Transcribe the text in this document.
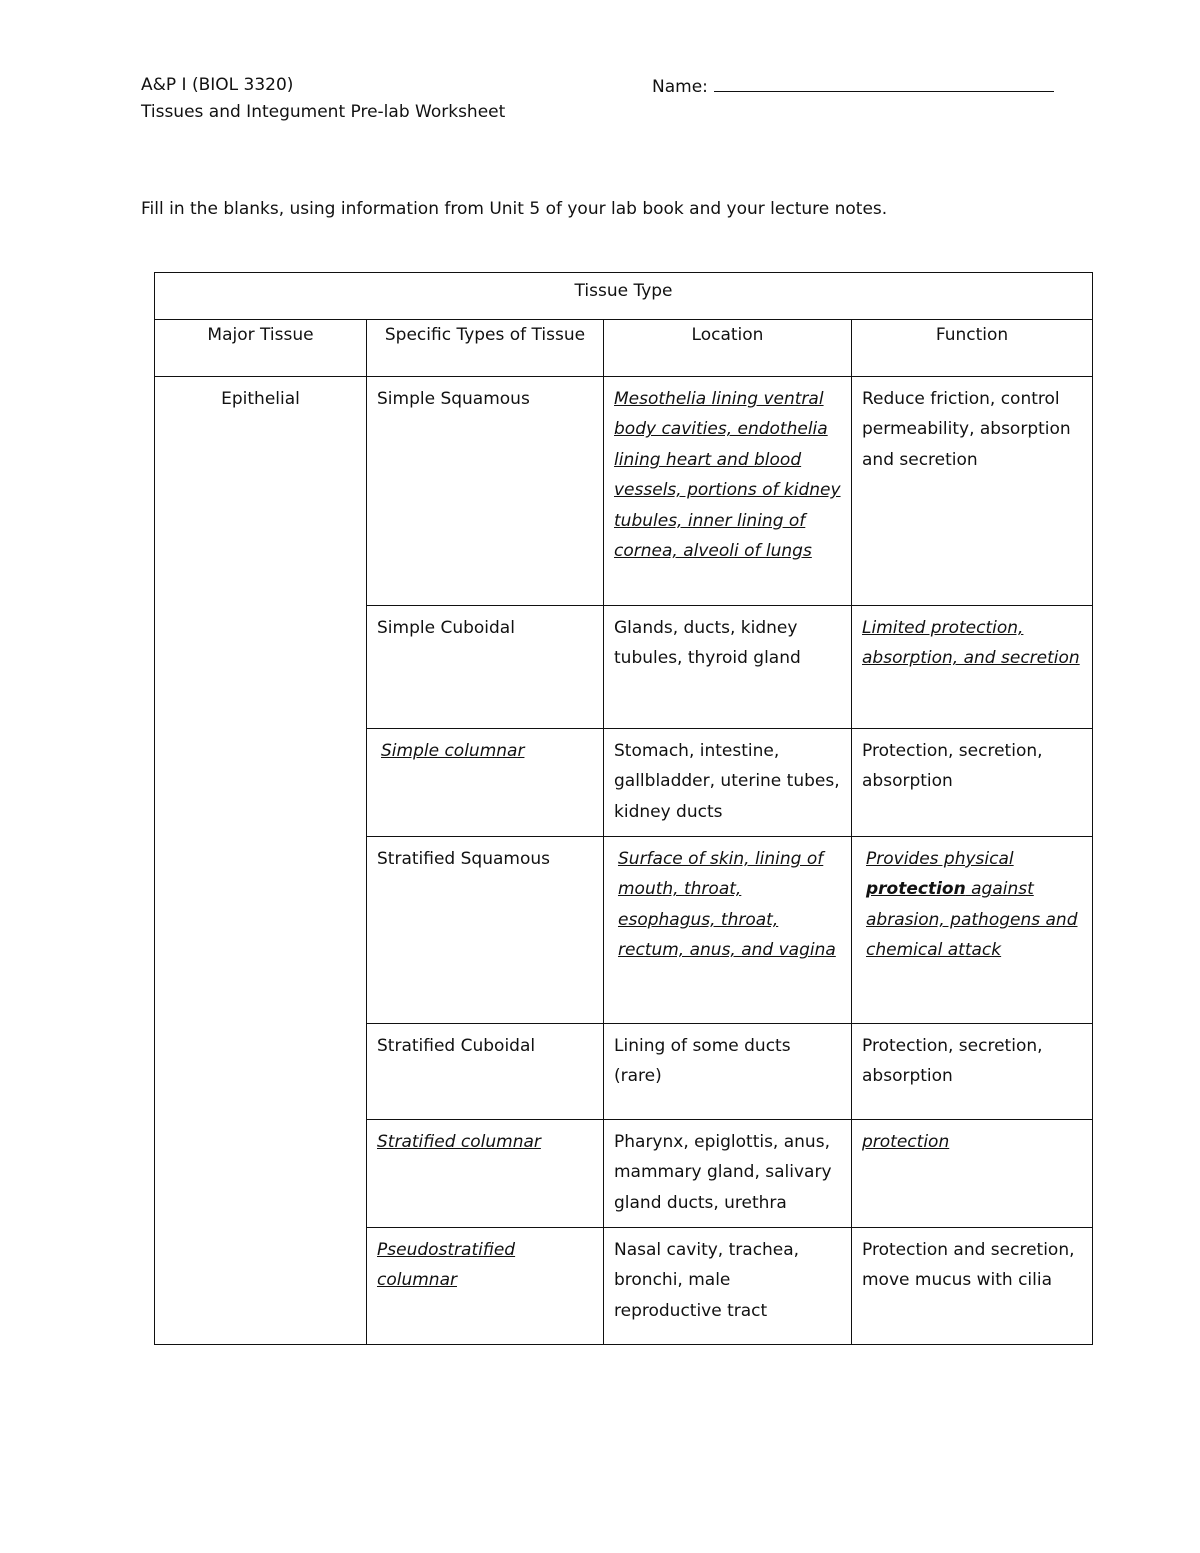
A&P I (BIOL 3320)
Tissues and Integument Pre-lab Worksheet
Name:
Fill in the blanks, using information from Unit 5 of your lab book and your lecture notes.
Tissue Type			

Major Tissue	Specific Types of Tissue	Location	Function

Epithelial	Simple Squamous	Mesothelia lining ventral body cavities, endothelia lining heart and blood vessels, portions of kidney tubules, inner lining of cornea, alveoli of lungs	Reduce friction, control permeability, absorption and secretion

	Simple Cuboidal	Glands, ducts, kidney tubules, thyroid gland	Limited protection, absorption, and secretion

	Simple columnar	Stomach, intestine, gallbladder, uterine tubes, kidney ducts	Protection, secretion, absorption

	Stratified Squamous	Surface of skin, lining of mouth, throat, esophagus, throat, rectum, anus, and vagina	Provides physical protection against abrasion, pathogens and chemical attack

	Stratified Cuboidal	Lining of some ducts (rare)	Protection, secretion, absorption

	Stratified columnar	Pharynx, epiglottis, anus, mammary gland, salivary gland ducts, urethra	protection

	Pseudostratified columnar	Nasal cavity, trachea, bronchi, male reproductive tract	Protection and secretion, move mucus with cilia
